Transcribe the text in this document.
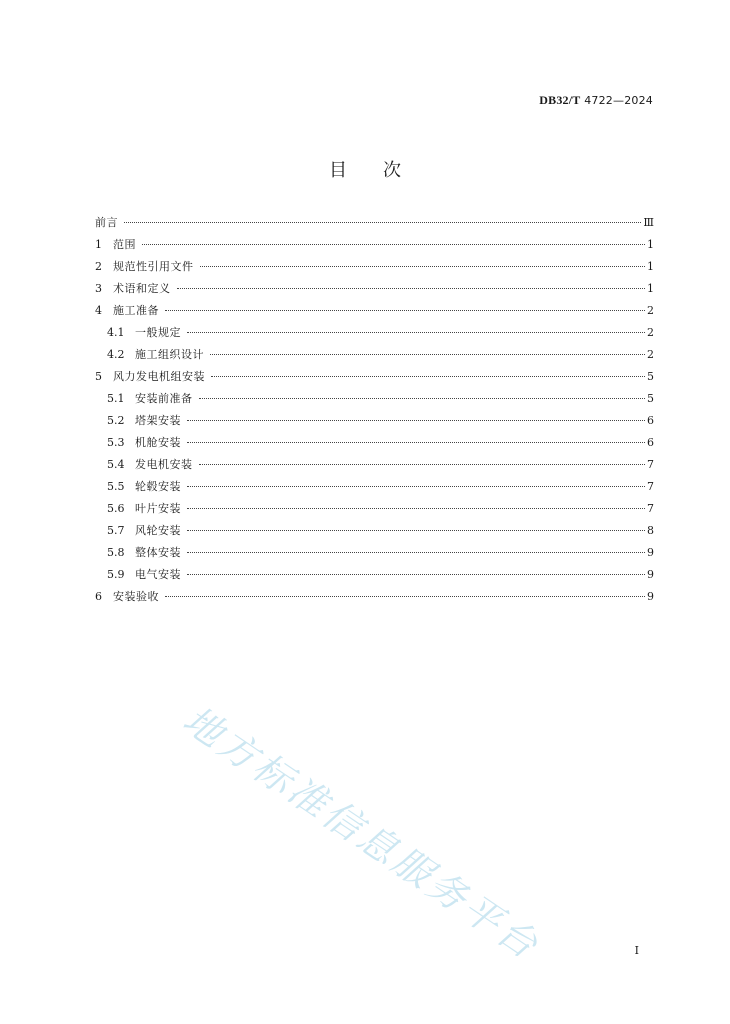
DB32/T 4722—2024
目 次
前言	Ⅲ
1	范围	1
2	规范性引用文件	1
3	术语和定义	1
4	施工准备	2
4.1 一般规定	2
4.2 施工组织设计	2
5	风力发电机组安装	5
5.1 安装前准备	5
5.2 塔架安装	6
5.3 机舱安装	6
5.4 发电机安装	7
5.5 轮毂安装	7
5.6 叶片安装	7
5.7 风轮安装	8
5.8 整体安装	9
5.9 电气安装	9
6	安装验收	9
地方标准信息服务平台	I
